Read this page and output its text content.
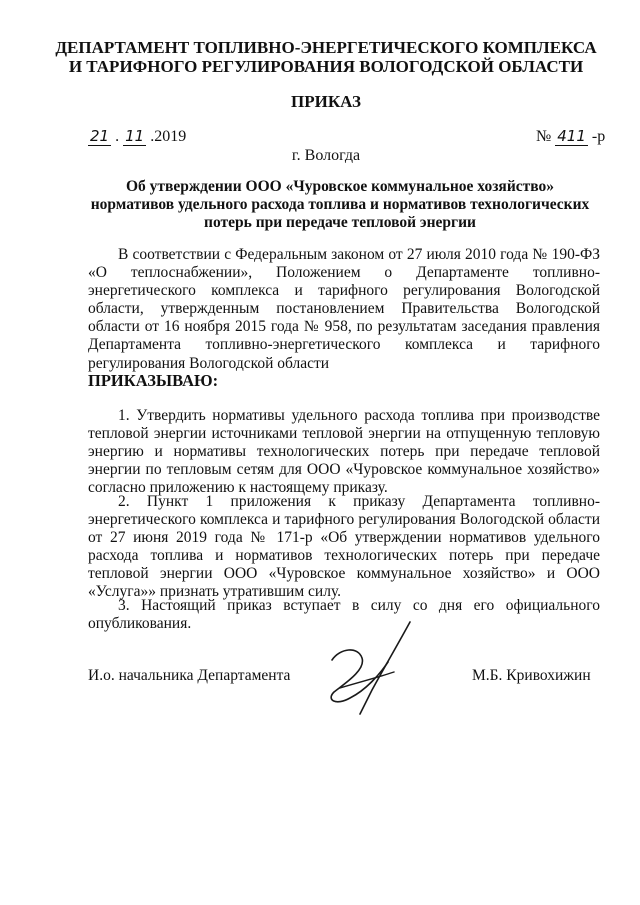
ДЕПАРТАМЕНТ ТОПЛИВНО-ЭНЕРГЕТИЧЕСКОГО КОМПЛЕКСА
И ТАРИФНОГО РЕГУЛИРОВАНИЯ ВОЛОГОДСКОЙ ОБЛАСТИ
ПРИКАЗ
21 . 11 .2019	№ 411 -р
г. Вологда
Об утверждении ООО «Чуровское коммунальное хозяйство» нормативов удельного расхода топлива и нормативов технологических потерь при передаче тепловой энергии
В соответствии с Федеральным законом от 27 июля 2010 года № 190-ФЗ «О теплоснабжении», Положением о Департаменте топливно-энергетического комплекса и тарифного регулирования Вологодской области, утвержденным постановлением Правительства Вологодской области от 16 ноября 2015 года № 958, по результатам заседания правления Департамента топливно-энергетического комплекса и тарифного регулирования Вологодской области
ПРИКАЗЫВАЮ:
1. Утвердить нормативы удельного расхода топлива при производстве тепловой энергии источниками тепловой энергии на отпущенную тепловую энергию и нормативы технологических потерь при передаче тепловой энергии по тепловым сетям для ООО «Чуровское коммунальное хозяйство» согласно приложению к настоящему приказу.
2. Пункт 1 приложения к приказу Департамента топливно-энергетического комплекса и тарифного регулирования Вологодской области от 27 июня 2019 года № 171-р «Об утверждении нормативов удельного расхода топлива и нормативов технологических потерь при передаче тепловой энергии ООО «Чуровское коммунальное хозяйство» и ООО «Услуга»» признать утратившим силу.
3. Настоящий приказ вступает в силу со дня его официального опубликования.
И.о. начальника Департамента	М.Б. Кривохижин
